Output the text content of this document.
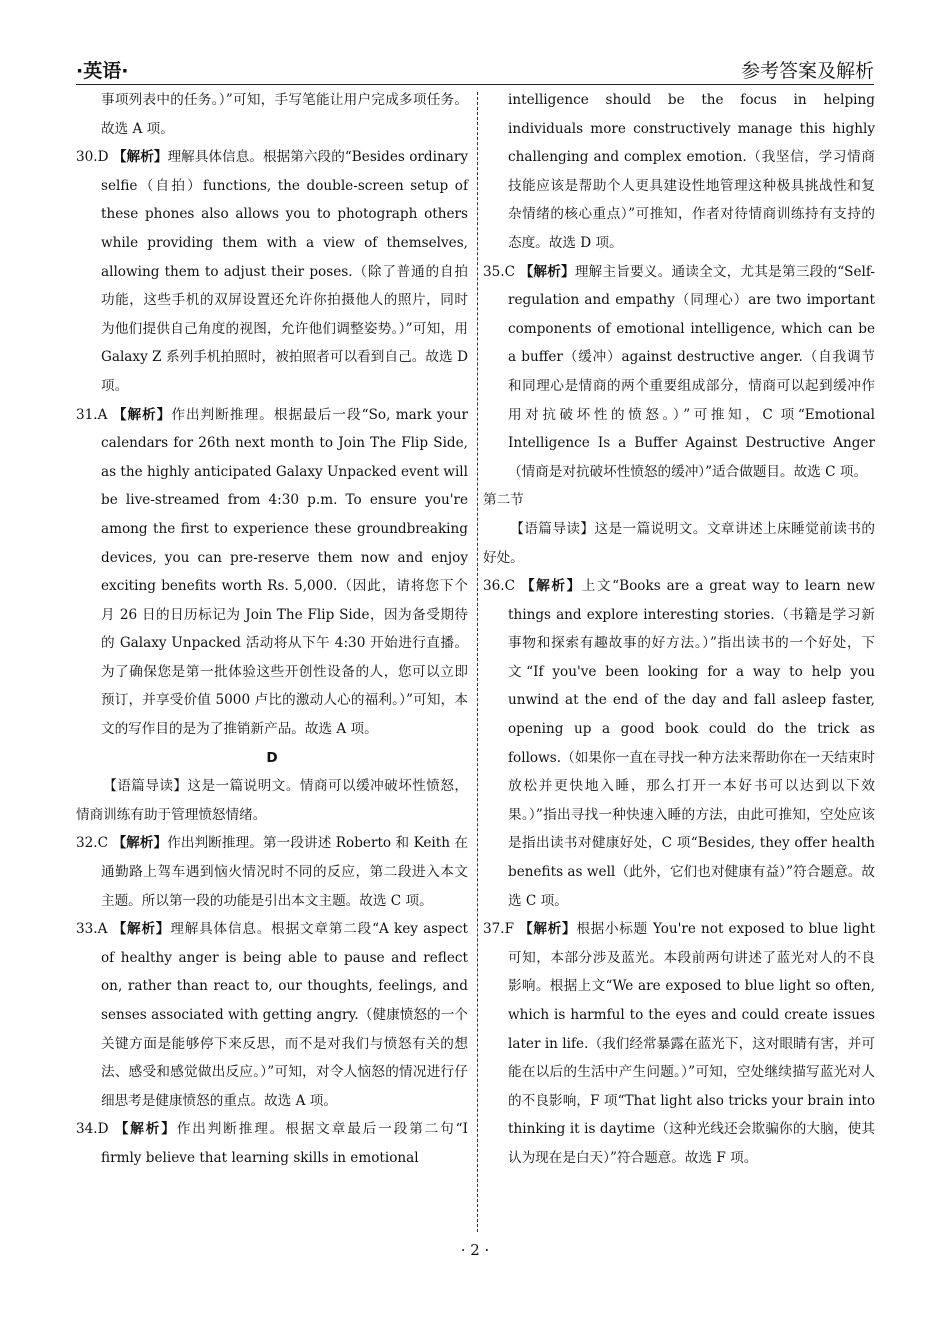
·英语·	参考答案及解析
事项列表中的任务。）”可知，手写笔能让用户完成多项任务。故选 A 项。
30.D 【解析】理解具体信息。根据第六段的“Besides ordinary selfie（自拍）functions, the double-screen setup of these phones also allows you to photograph others while providing them with a view of themselves, allowing them to adjust their poses.（除了普通的自拍功能，这些手机的双屏设置还允许你拍摄他人的照片，同时为他们提供自己角度的视图，允许他们调整姿势。）”可知，用 Galaxy Z 系列手机拍照时，被拍照者可以看到自己。故选 D 项。
31.A 【解析】作出判断推理。根据最后一段“So, mark your calendars for 26th next month to Join The Flip Side, as the highly anticipated Galaxy Unpacked event will be live-streamed from 4:30 p.m. To ensure you're among the first to experience these groundbreaking devices, you can pre-reserve them now and enjoy exciting benefits worth Rs. 5,000.（因此，请将您下个月 26 日的日历标记为 Join The Flip Side，因为备受期待的 Galaxy Unpacked 活动将从下午 4:30 开始进行直播。为了确保您是第一批体验这些开创性设备的人，您可以立即预订，并享受价值 5000 卢比的激动人心的福利。）”可知，本文的写作目的是为了推销新产品。故选 A 项。
D
【语篇导读】这是一篇说明文。情商可以缓冲破坏性愤怒，情商训练有助于管理愤怒情绪。
32.C 【解析】作出判断推理。第一段讲述 Roberto 和 Keith 在通勤路上驾车遇到恼火情况时不同的反应，第二段进入本文主题。所以第一段的功能是引出本文主题。故选 C 项。
33.A 【解析】理解具体信息。根据文章第二段“A key aspect of healthy anger is being able to pause and reflect on, rather than react to, our thoughts, feelings, and senses associated with getting angry.（健康愤怒的一个关键方面是能够停下来反思，而不是对我们与愤怒有关的想法、感受和感觉做出反应。）”可知，对令人恼怒的情况进行仔细思考是健康愤怒的重点。故选 A 项。
34.D 【解析】作出判断推理。根据文章最后一段第二句“I firmly believe that learning skills in emotional
intelligence should be the focus in helping individuals more constructively manage this highly challenging and complex emotion.（我坚信，学习情商技能应该是帮助个人更具建设性地管理这种极具挑战性和复杂情绪的核心重点）”可推知，作者对待情商训练持有支持的态度。故选 D 项。
35.C 【解析】理解主旨要义。通读全文，尤其是第三段的“Self-regulation and empathy（同理心）are two important components of emotional intelligence, which can be a buffer（缓冲）against destructive anger.（自我调节和同理心是情商的两个重要组成部分，情商可以起到缓冲作用对抗破坏性的愤怒。）”可推知，C 项“Emotional Intelligence Is a Buffer Against Destructive Anger（情商是对抗破坏性愤怒的缓冲）”适合做题目。故选 C 项。
第二节
【语篇导读】这是一篇说明文。文章讲述上床睡觉前读书的好处。
36.C 【解析】上文“Books are a great way to learn new things and explore interesting stories.（书籍是学习新事物和探索有趣故事的好方法。）”指出读书的一个好处，下文“If you've been looking for a way to help you unwind at the end of the day and fall asleep faster, opening up a good book could do the trick as follows.（如果你一直在寻找一种方法来帮助你在一天结束时放松并更快地入睡，那么打开一本好书可以达到以下效果。）”指出寻找一种快速入睡的方法，由此可推知，空处应该是指出读书对健康好处，C 项“Besides, they offer health benefits as well（此外，它们也对健康有益）”符合题意。故选 C 项。
37.F 【解析】根据小标题 You're not exposed to blue light 可知，本部分涉及蓝光。本段前两句讲述了蓝光对人的不良影响。根据上文“We are exposed to blue light so often, which is harmful to the eyes and could create issues later in life.（我们经常暴露在蓝光下，这对眼睛有害，并可能在以后的生活中产生问题。）”可知，空处继续描写蓝光对人的不良影响，F 项“That light also tricks your brain into thinking it is daytime（这种光线还会欺骗你的大脑，使其认为现在是白天）”符合题意。故选 F 项。
· 2 ·
